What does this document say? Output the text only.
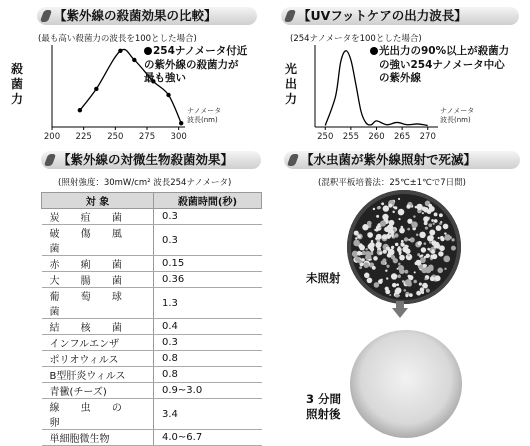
【紫外線の殺菌効果の比較】
(最も高い殺菌力の波長を100とした場合)
殺
菌
力
200 225 250 275 300
ナノメータ
波長(nm)
254ナノメータ付近
の紫外線の殺菌力が
最も強い
【UVフットケアの出力波長】
(254ナノメータを100とした場合)
光
出
力
250 255 260 265 270
ナノメータ
波長(nm)
光出力の90%以上が殺菌力
の強い254ナノメータ中心
の紫外線
【紫外線の対微生物殺菌効果】
(照射強度：30mW/cm² 波長254ナノメータ)
対 象	殺菌時間(秒)
炭 疽 菌	0.3
破 傷 風 菌	0.3
赤 痢 菌	0.15
大 腸 菌	0.36
葡 萄 球 菌	1.3
結 核 菌	0.4
インフルエンザ	0.3
ポリオウィルス	0.8
B型肝炎ウィルス	0.8
青黴(チーズ)	0.9~3.0
線 虫 の 卵	3.4
単細胞微生物	4.0~6.7
【水虫菌が紫外線照射で死滅】
(混釈平板培養法：25℃±1℃で7日間)
未照射
3 分間
照射後
